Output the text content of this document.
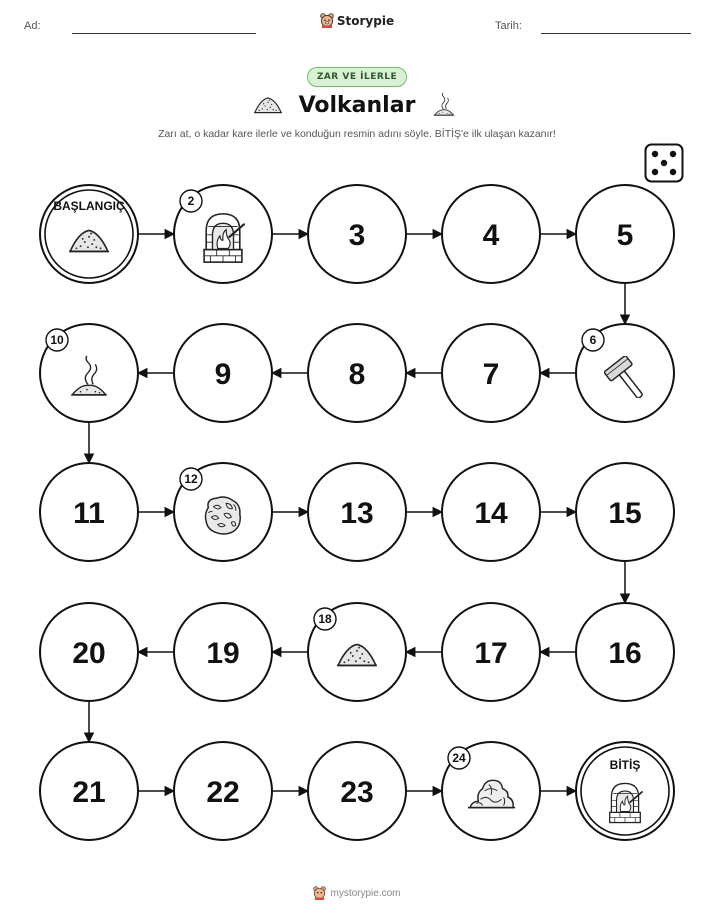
Ad:	Tarih:
Storypie
ZAR VE İLERLE
Volkanlar
Zarı at, o kadar kare ilerle ve konduğun resmin adını söyle. BİTİŞ'e ilk ulaşan kazanır!
BAŞLANGIÇ	2
3	4	5
10
9	8	7
6
11
12
13	14	15
20	19
18
17	16
21	22	23
24	BİTİŞ
mystorypie.com
